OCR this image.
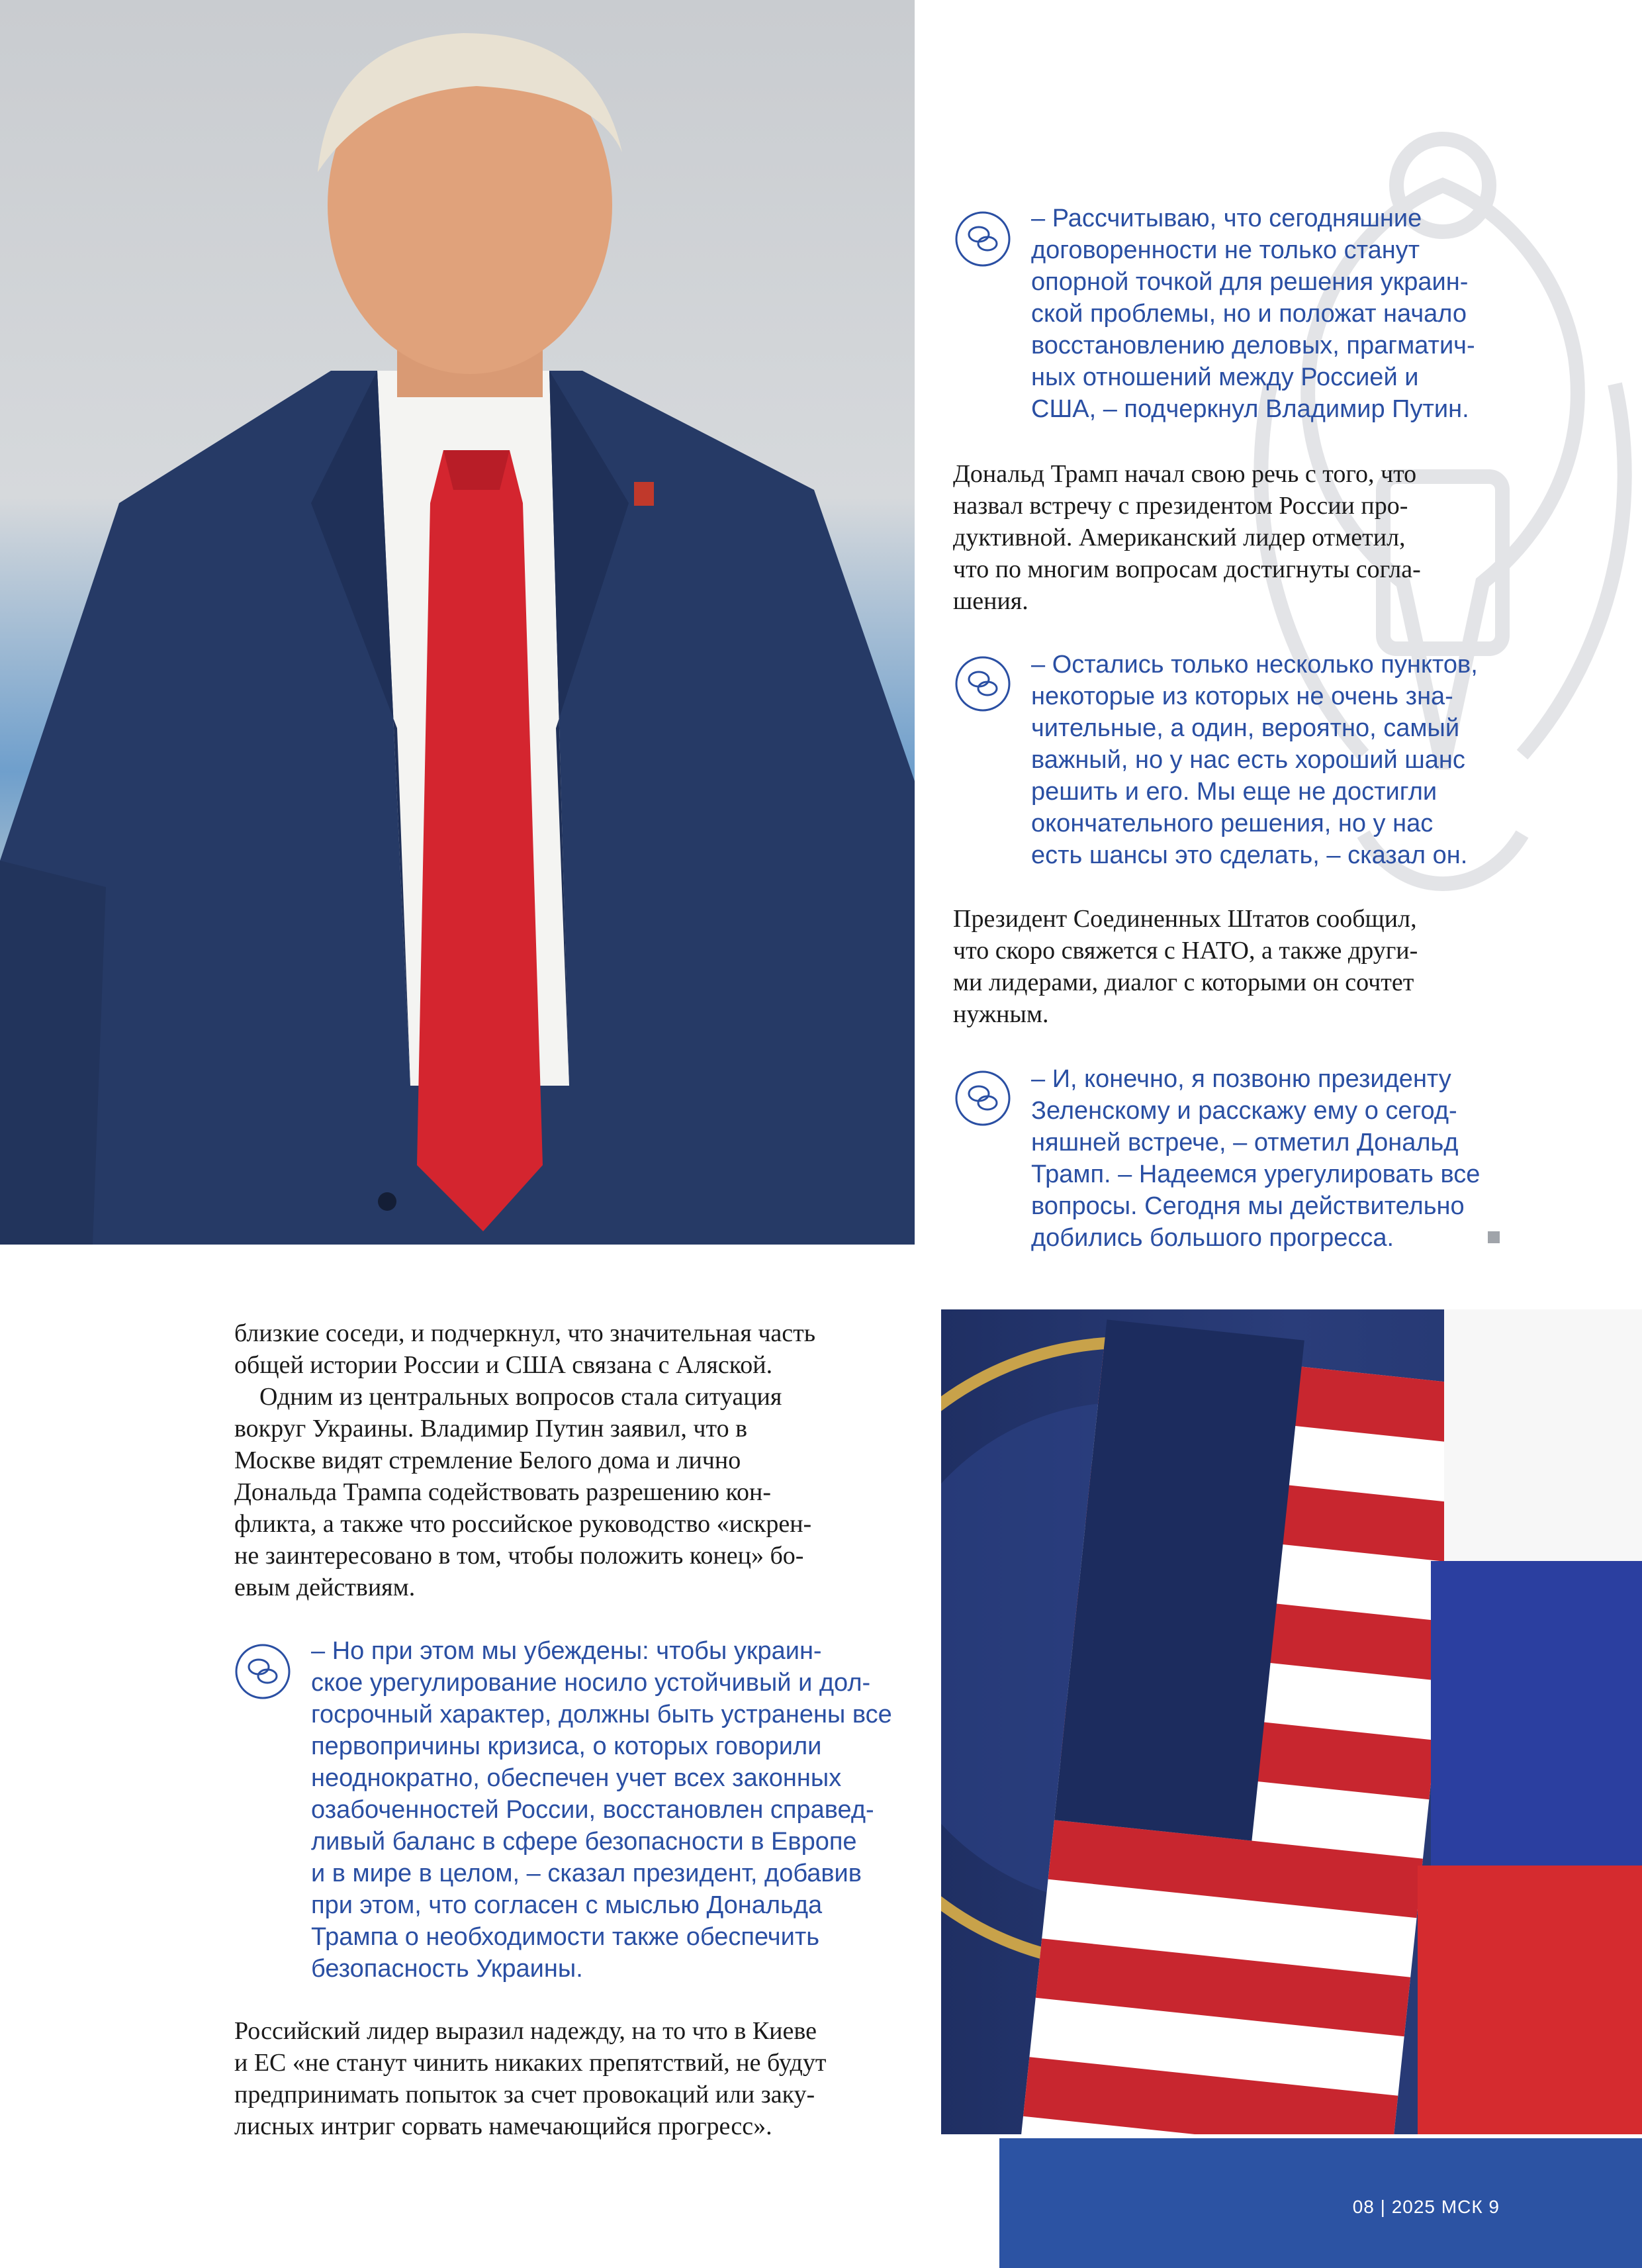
– Рассчитываю, что сегодняшние
договоренности не только станут
опорной точкой для решения украин-
ской проблемы, но и положат начало
восстановлению деловых, прагматич-
ных отношений между Россией и
США, – подчеркнул Владимир Путин.
Дональд Трамп начал свою речь с того, что
назвал встречу с президентом России про-
дуктивной. Американский лидер отметил,
что по многим вопросам достигнуты согла-
шения.
– Остались только несколько пунктов,
некоторые из которых не очень зна-
чительные, а один, вероятно, самый
важный, но у нас есть хороший шанс
решить и его. Мы еще не достигли
окончательного решения, но у нас
есть шансы это сделать, – сказал он.
Президент Соединенных Штатов сообщил,
что скоро свяжется с НАТО, а также други-
ми лидерами, диалог с которыми он сочтет
нужным.
– И, конечно, я позвоню президенту
Зеленскому и расскажу ему о сегод-
няшней встрече, – отметил Дональд
Трамп. – Надеемся урегулировать все
вопросы. Сегодня мы действительно
добились большого прогресса.
близкие соседи, и подчеркнул, что значительная часть
общей истории России и США связана с Аляской.
Одним из центральных вопросов стала ситуация
вокруг Украины. Владимир Путин заявил, что в
Москве видят стремление Белого дома и лично
Дональда Трампа содействовать разрешению кон-
фликта, а также что российское руководство «искрен-
не заинтересовано в том, чтобы положить конец» бо-
евым действиям.
– Но при этом мы убеждены: чтобы украин-
ское урегулирование носило устойчивый и дол-
госрочный характер, должны быть устранены все
первопричины кризиса, о которых говорили
неоднократно, обеспечен учет всех законных
озабоченностей России, восстановлен справед-
ливый баланс в сфере безопасности в Европе
и в мире в целом, – сказал президент, добавив
при этом, что согласен с мыслью Дональда
Трампа о необходимости также обеспечить
безопасность Украины.
Российский лидер выразил надежду, на то что в Киеве
и ЕС «не станут чинить никаких препятствий, не будут
предпринимать попыток за счет провокаций или заку-
лисных интриг сорвать намечающийся прогресс».
08 | 2025 МСК 9
